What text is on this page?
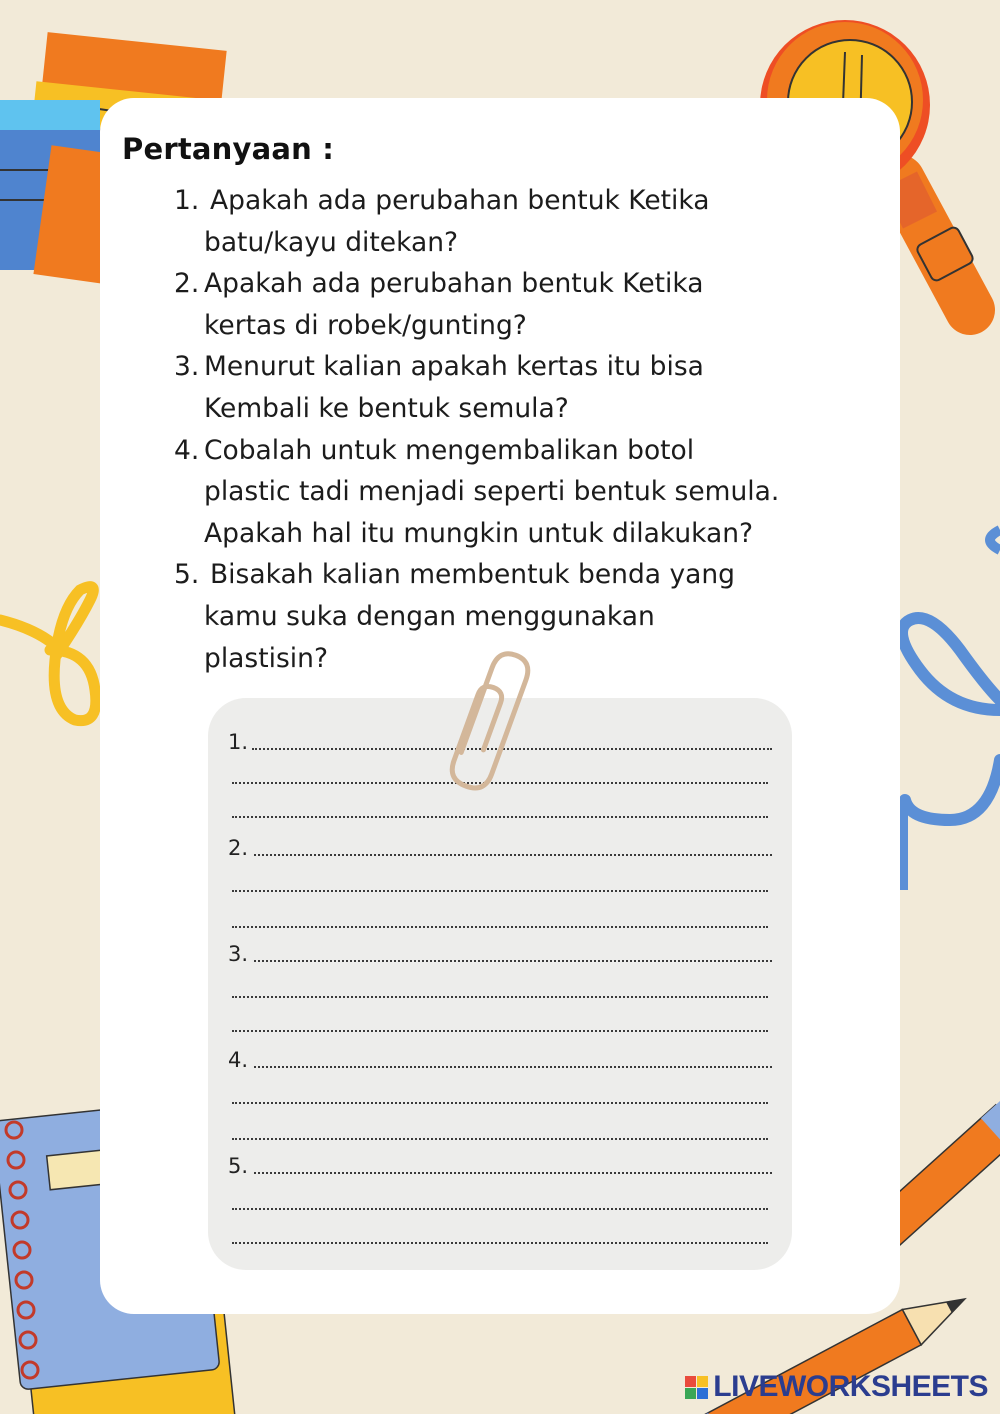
Pertanyaan :
1. Apakah ada perubahan bentuk Ketika
batu/kayu ditekan?
2. Apakah ada perubahan bentuk Ketika
kertas di robek/gunting?
3. Menurut kalian apakah kertas itu bisa
Kembali ke bentuk semula?
4. Cobalah untuk mengembalikan botol
plastic tadi menjadi seperti bentuk semula.
Apakah hal itu mungkin untuk dilakukan?
5. Bisakah kalian membentuk benda yang
kamu suka dengan menggunakan
plastisin?
1.
2.
3.
4.
5.
LIVEWORKSHEETS
